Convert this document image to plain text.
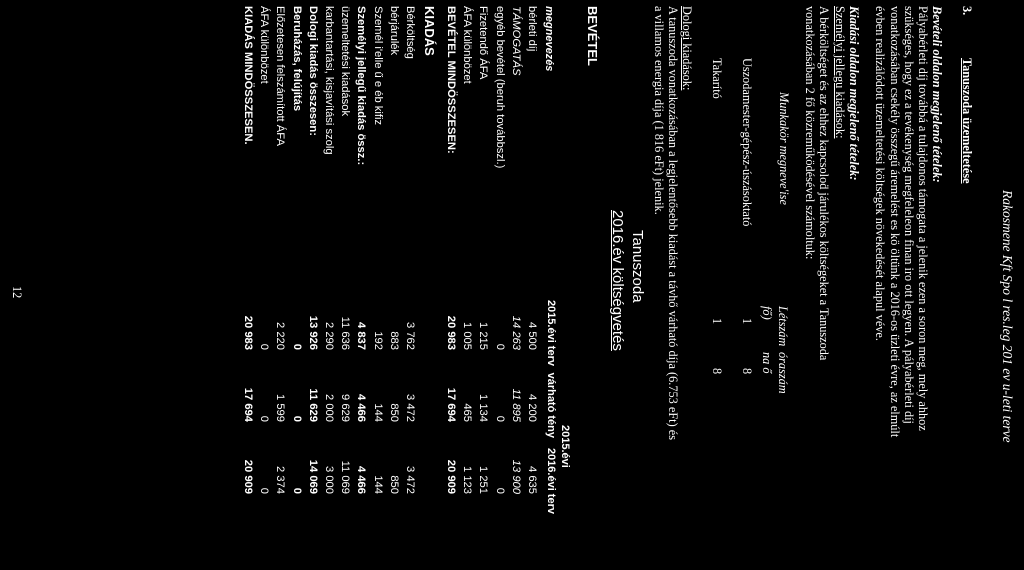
Rakosmene Kft Spo l res.leg 201 ev u-leti terve
3.
Tanuszoda üzemeltetése
Bevételi oldalon megjelenő tételek:
Pályabérleti díj továbbá a tulajdonos támogata a jelenik ezen a soron meg, mely ahhoz
szükséges, hogy ez a tevékenység megfeleleon finan iro ott legyen. A pályabérleti díj
vonatkozásában csekély összegű áremelést es kö öltünk a 2016-os üzleti évre, az elmúlt
évben realizálódott üzemeltetési költségek növekedését alapul véve.
Kiadási oldalon megjelenő tételek:
Személyi jellegu kiadások:
A bérköltséget és az ehhez kapcsoloḋ járulékos költségeket a Tanuszoda
vonatkozásában 2 fő közreműködésével számoltuk:
Munkakör megneve'ise
Létszám fő)
óraszám na ő
Uszodamester-gépész-úszásoktató
1
8
Takarító
1
8
Dologi kiadások:
A tanuszoda vonatkozásában a legjelentősebb kiadást a távhő várható díja (6.753 eFt) és
a villamos energia díja (1 816 eFt) jelenik.
Tanuszoda
2016.év költségvetés
BEVÉTEL
2015.évi
megnevezés
2015.évi terv
várható tény
2016.évi terv
bérleti díj	4 500	4 200	4 635
TÁMOGATÁS	14 263	11 895	13 900
egyéb bevétel (beruh továbbszl.)	0	0	0
Fizetendő ÁFA	1 215	1 134	1 251
ÁFA különbözet	1 005	465	1 123
BEVÉTEL MINDÖSSZESEN:	20 983	17 694	20 909
KIADÁS
Bérköltség	3 762	3 472	3 472
bérjárulék	883	850	850
Személ i'elle ű e éb kifiz	192	144	144
Személyi jellegű kiadás össz.:	4 837	4 466	4 466
üzemeltetési kiadások	11 636	9 629	11 069
karbantartási, kisjavítási szolg	2 290	2 000	3 000
Dologi kiadás összesen:	13 926	11 629	14 069
Beruházás, felújítás	0	0	0
Előzetesen felszámított ÁFA	2 220	1 599	2 374
ÁFA különbözet	0	0	0
KIADÁS MINDÖSSZESEN.	20 983	17 694	20 909
12
